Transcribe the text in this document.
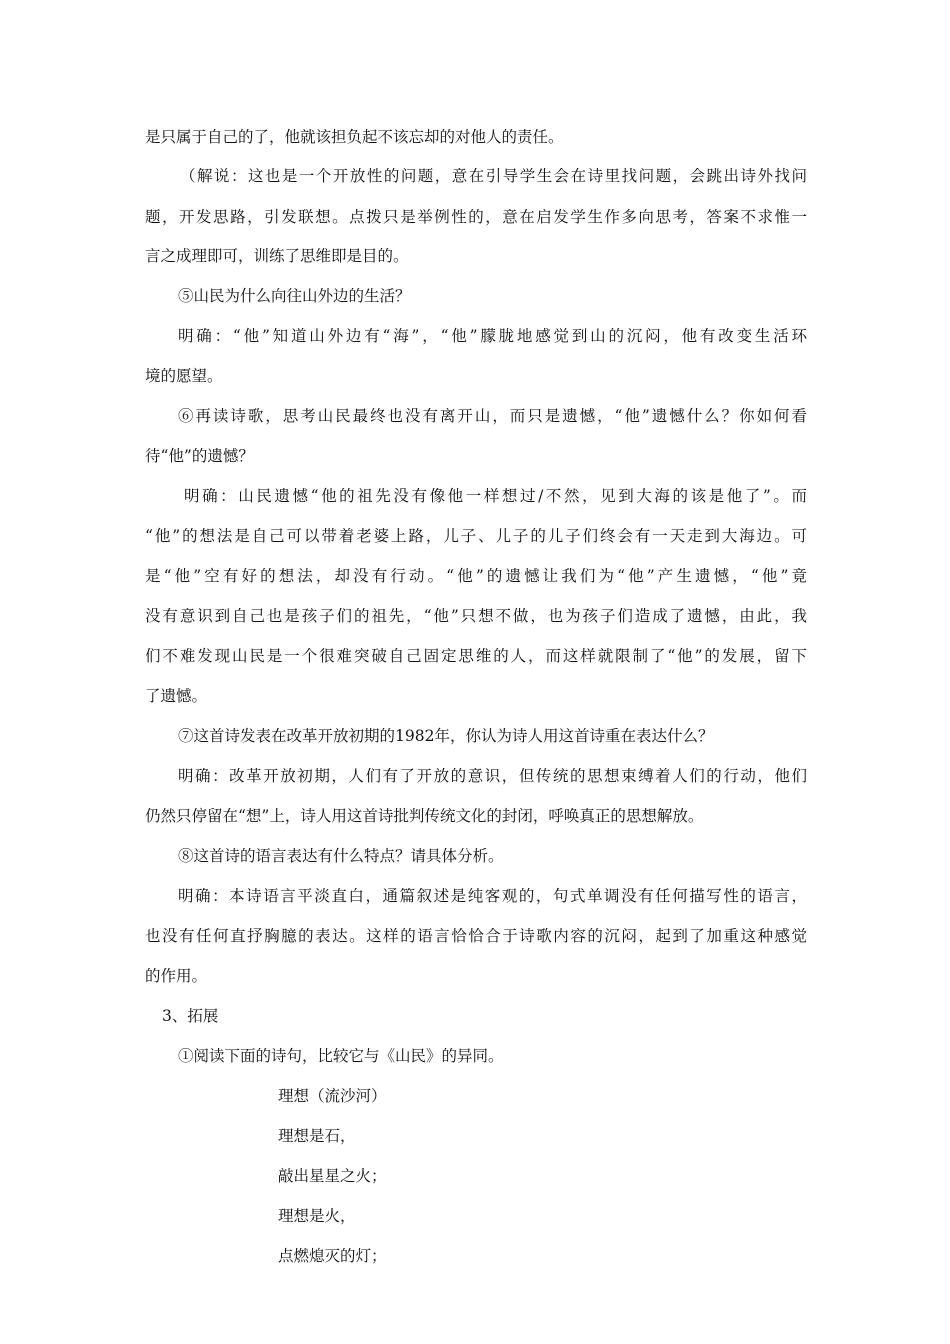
是只属于自己的了，他就该担负起不该忘却的对他人的责任。
（解说：这也是一个开放性的问题，意在引导学生会在诗里找问题，会跳出诗外找问
题，开发思路，引发联想。点拨只是举例性的，意在启发学生作多向思考，答案不求惟一
言之成理即可，训练了思维即是目的。
⑤山民为什么向往山外边的生活？
明确：“他”知道山外边有“海”，“他”朦胧地感觉到山的沉闷，他有改变生活环
境的愿望。
⑥再读诗歌，思考山民最终也没有离开山，而只是遗憾，“他”遗憾什么？你如何看
待“他”的遗憾？
明确：山民遗憾“他的祖先没有像他一样想过/不然，见到大海的该是他了”。而
“他”的想法是自己可以带着老婆上路，儿子、儿子的儿子们终会有一天走到大海边。可
是“他”空有好的想法，却没有行动。“他”的遗憾让我们为“他”产生遗憾，“他”竟
没有意识到自己也是孩子们的祖先，“他”只想不做，也为孩子们造成了遗憾，由此，我
们不难发现山民是一个很难突破自己固定思维的人，而这样就限制了“他”的发展，留下
了遗憾。
⑦这首诗发表在改革开放初期的1982年，你认为诗人用这首诗重在表达什么？
明确：改革开放初期，人们有了开放的意识，但传统的思想束缚着人们的行动，他们
仍然只停留在“想”上，诗人用这首诗批判传统文化的封闭，呼唤真正的思想解放。
⑧这首诗的语言表达有什么特点？请具体分析。
明确：本诗语言平淡直白，通篇叙述是纯客观的，句式单调没有任何描写性的语言，
也没有任何直抒胸臆的表达。这样的语言恰恰合于诗歌内容的沉闷，起到了加重这种感觉
的作用。
3、拓展
①阅读下面的诗句，比较它与《山民》的异同。
理想（流沙河）
理想是石，
敲出星星之火；
理想是火，
点燃熄灭的灯；
